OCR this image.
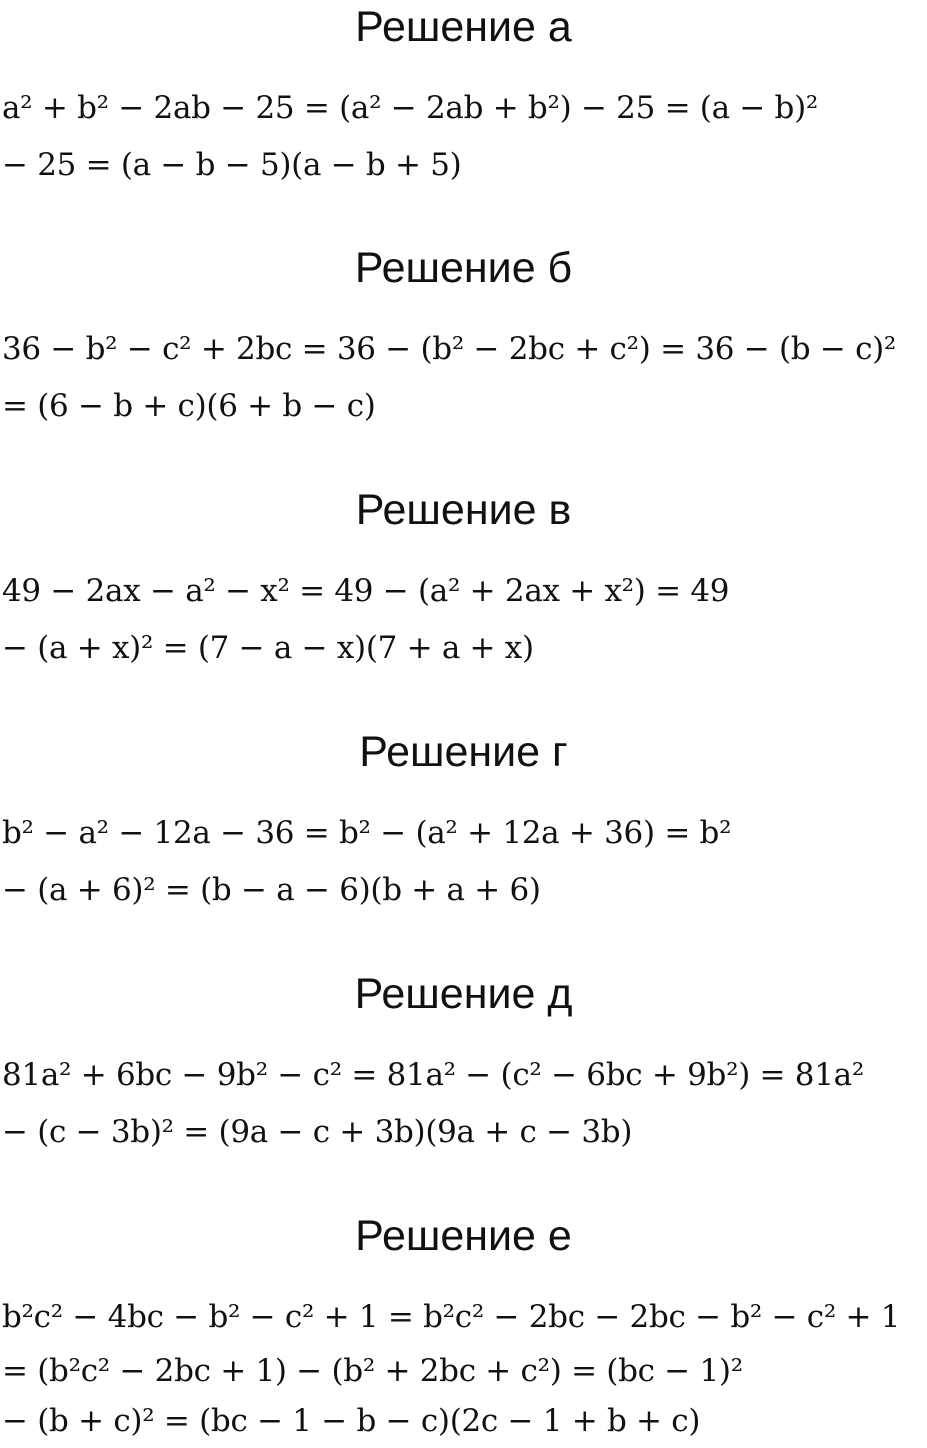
Решение а
a² + b² − 2ab − 25 = (a² − 2ab + b²) − 25 = (a − b)²
− 25 = (a − b − 5)(a − b + 5)
Решение б
36 − b² − c² + 2bc = 36 − (b² − 2bc + c²) = 36 − (b − c)²
= (6 − b + c)(6 + b − c)
Решение в
49 − 2ax − a² − x² = 49 − (a² + 2ax + x²) = 49
− (a + x)² = (7 − a − x)(7 + a + x)
Решение г
b² − a² − 12a − 36 = b² − (a² + 12a + 36) = b²
− (a + 6)² = (b − a − 6)(b + a + 6)
Решение д
81a² + 6bc − 9b² − c² = 81a² − (c² − 6bc + 9b²) = 81a²
− (c − 3b)² = (9a − c + 3b)(9a + c − 3b)
Решение е
b²c² − 4bc − b² − c² + 1 = b²c² − 2bc − 2bc − b² − c² + 1
= (b²c² − 2bc + 1) − (b² + 2bc + c²) = (bc − 1)²
− (b + c)² = (bc − 1 − b − c)(2c − 1 + b + c)
